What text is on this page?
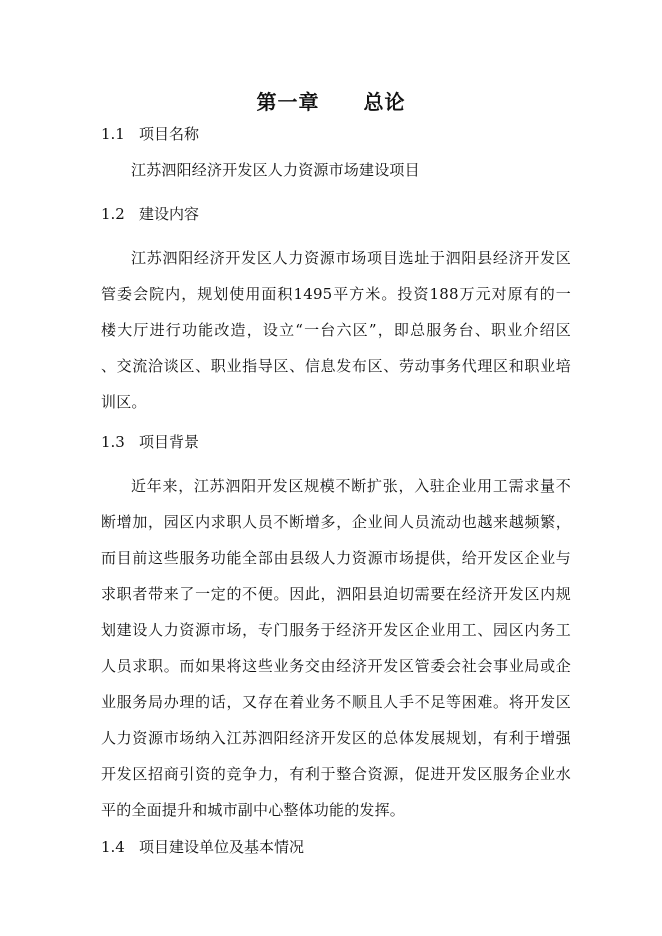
第一章 总论
1.1 项目名称
江苏泗阳经济开发区人力资源市场建设项目
1.2 建设内容
江苏泗阳经济开发区人力资源市场项目选址于泗阳县经济开发区
管委会院内，规划使用面积1495平方米。投资188万元对原有的一
楼大厅进行功能改造，设立“一台六区”，即总服务台、职业介绍区
、交流洽谈区、职业指导区、信息发布区、劳动事务代理区和职业培
训区。
1.3 项目背景
近年来，江苏泗阳开发区规模不断扩张，入驻企业用工需求量不
断增加，园区内求职人员不断增多，企业间人员流动也越来越频繁，
而目前这些服务功能全部由县级人力资源市场提供，给开发区企业与
求职者带来了一定的不便。因此，泗阳县迫切需要在经济开发区内规
划建设人力资源市场，专门服务于经济开发区企业用工、园区内务工
人员求职。而如果将这些业务交由经济开发区管委会社会事业局或企
业服务局办理的话，又存在着业务不顺且人手不足等困难。将开发区
人力资源市场纳入江苏泗阳经济开发区的总体发展规划，有利于增强
开发区招商引资的竞争力，有利于整合资源，促进开发区服务企业水
平的全面提升和城市副中心整体功能的发挥。
1.4 项目建设单位及基本情况
